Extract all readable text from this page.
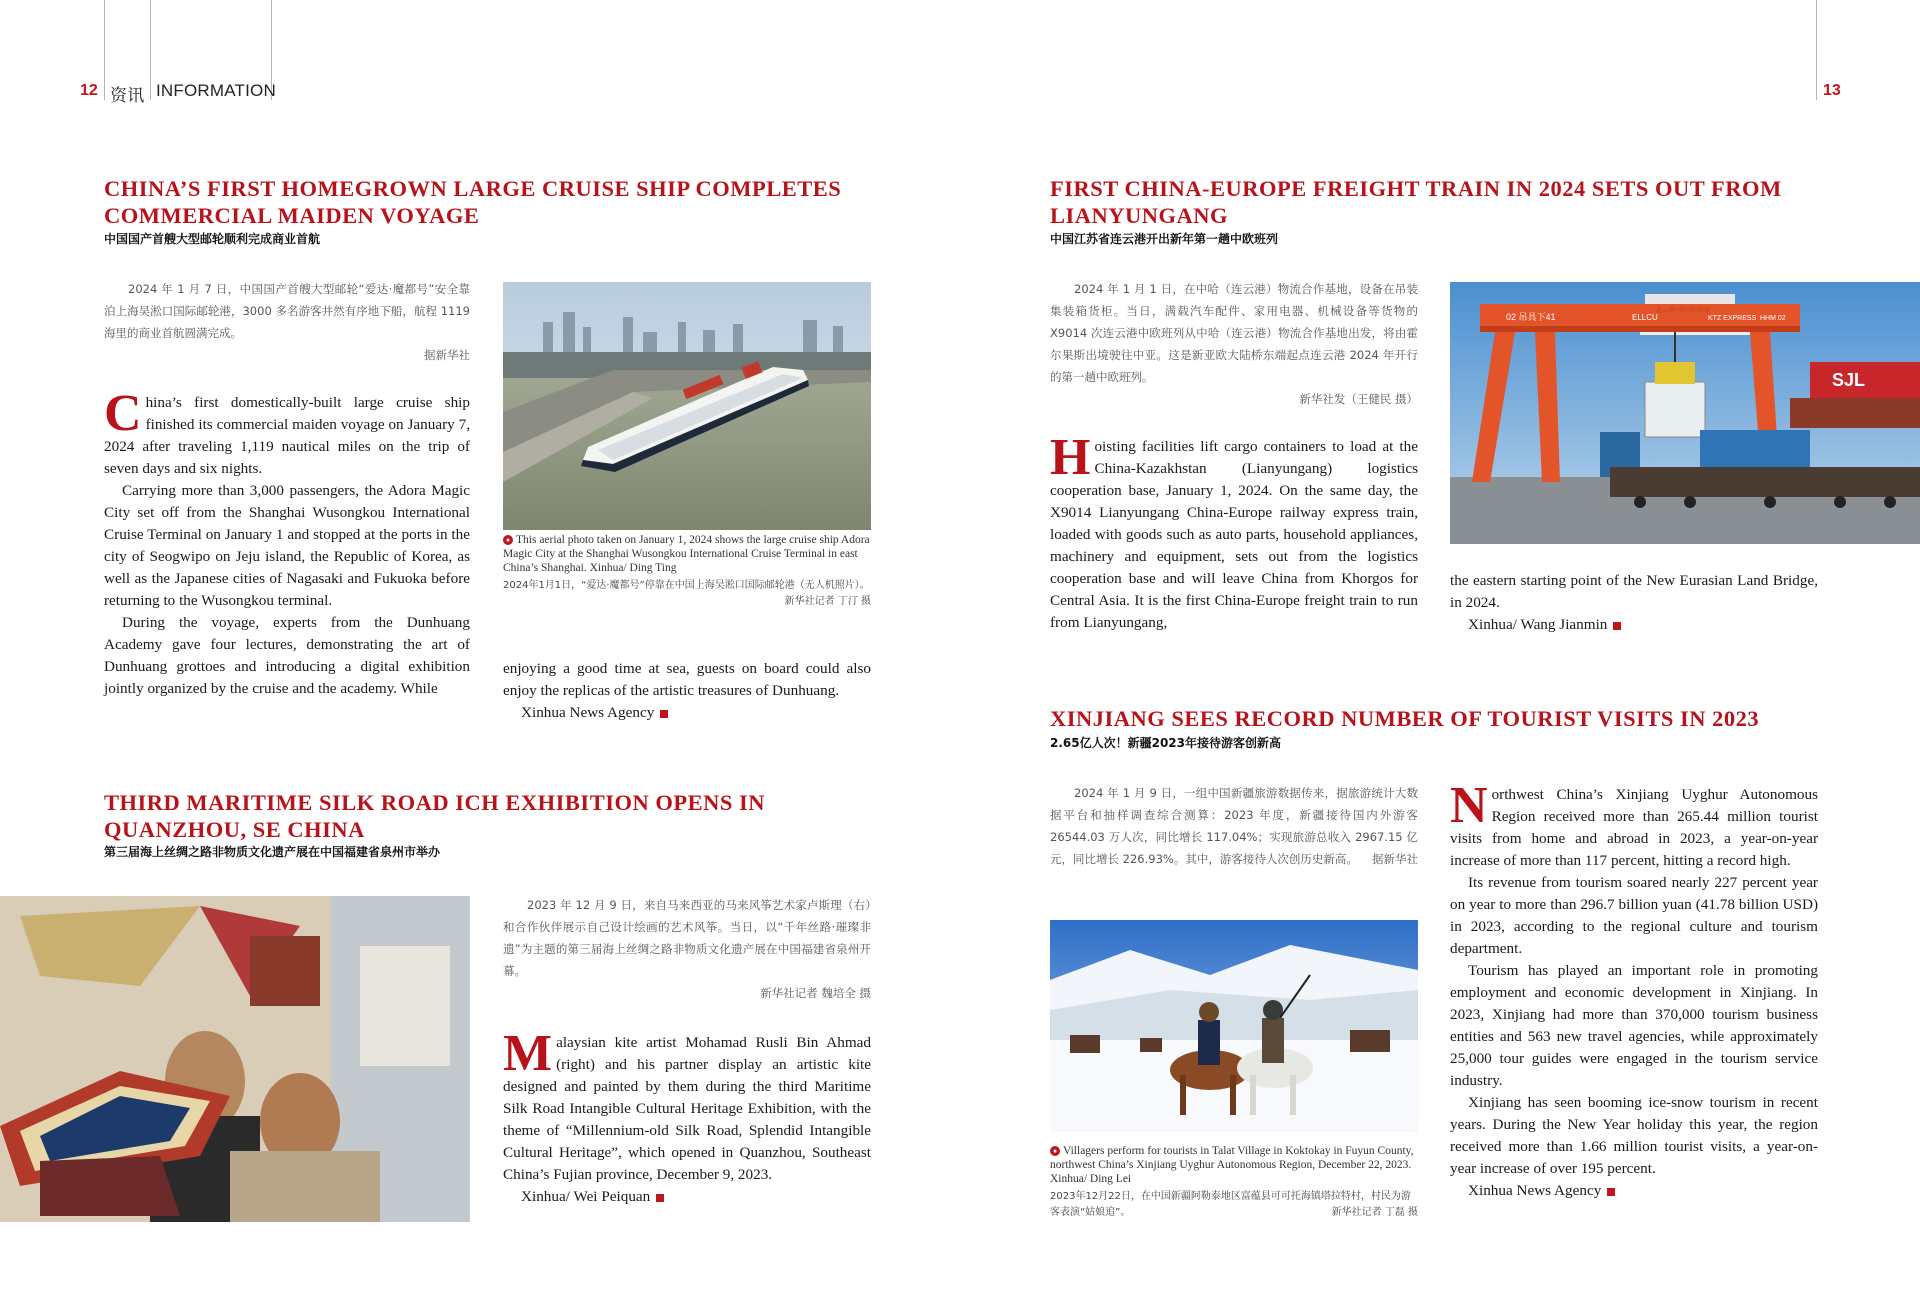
12 资讯 INFORMATION	13
CHINA’S FIRST HOMEGROWN LARGE CRUISE SHIP COMPLETES COMMERCIAL MAIDEN VOYAGE
中国国产首艘大型邮轮顺利完成商业首航
2024 年 1 月 7 日，中国国产首艘大型邮轮“爱达·魔都号”安全靠泊上海吴淞口国际邮轮港，3000 多名游客井然有序地下船，航程 1119 海里的商业首航圆满完成。
据新华社

China’s first domestically-built large cruise ship finished its commercial maiden voyage on January 7, 2024 after traveling 1,119 nautical miles on the trip of seven days and six nights.

Carrying more than 3,000 passengers, the Adora Magic City set off from the Shanghai Wusongkou International Cruise Terminal on January 1 and stopped at the ports in the city of Seogwipo on Jeju island, the Republic of Korea, as well as the Japanese cities of Nagasaki and Fukuoka before returning to the Wusongkou terminal.

During the voyage, experts from the Dunhuang Academy gave four lectures, demonstrating the art of Dunhuang grottoes and introducing a digital exhibition jointly organized by the cruise and the academy. While

● This aerial photo taken on January 1, 2024 shows the large cruise ship Adora Magic City at the Shanghai Wusongkou International Cruise Terminal in east China’s Shanghai. Xinhua/ Ding Ting
2024年1月1日，“爱达·魔都号”停靠在中国上海吴淞口国际邮轮港（无人机照片）。
新华社记者 丁汀 摄

enjoying a good time at sea, guests on board could also enjoy the replicas of the artistic treasures of Dunhuang.

Xinhua News Agency

THIRD MARITIME SILK ROAD ICH EXHIBITION OPENS IN QUANZHOU, SE CHINA
第三届海上丝绸之路非物质文化遗产展在中国福建省泉州市举办
2023 年 12 月 9 日，来自马来西亚的马来风筝艺术家卢斯理（右）和合作伙伴展示自己设计绘画的艺术风筝。当日，以“千年丝路·璀璨非遗”为主题的第三届海上丝绸之路非物质文化遗产展在中国福建省泉州开幕。
新华社记者 魏培全 摄

Malaysian kite artist Mohamad Rusli Bin Ahmad (right) and his partner display an artistic kite designed and painted by them during the third Maritime Silk Road Intangible Cultural Heritage Exhibition, with the theme of “Millennium-old Silk Road, Splendid Intangible Cultural Heritage”, which opened in Quanzhou, Southeast China’s Fujian province, December 9, 2023.

Xinhua/ Wei Peiquan

FIRST CHINA-EUROPE FREIGHT TRAIN IN 2024 SETS OUT FROM LIANYUNGANG
中国江苏省连云港开出新年第一趟中欧班列
2024 年 1 月 1 日，在中哈（连云港）物流合作基地，设备在吊装集装箱货柜。当日，满载汽车配件、家用电器、机械设备等货物的 X9014 次连云港中欧班列从中哈（连云港）物流合作基地出发，将由霍尔果斯出境驶往中亚。这是新亚欧大陆桥东端起点连云港 2024 年开行的第一趟中欧班列。
新华社发（王健民 摄）

Hoisting facilities lift cargo containers to load at the China-Kazakhstan (Lianyungang) logistics cooperation base, January 1, 2024. On the same day, the X9014 Lianyungang China-Europe railway express train, loaded with goods such as auto parts, household appliances, machinery and equipment, sets out from the logistics cooperation base and will leave China from Khorgos for Central Asia. It is the first China-Europe freight train to run from Lianyungang,

02 吊具下41	ELLCU
连云港中哈国际物流
KTZ EXPRESS HHM 02
SJL

the eastern starting point of the New Eurasian Land Bridge, in 2024.

Xinhua/ Wang Jianmin

XINJIANG SEES RECORD NUMBER OF TOURIST VISITS IN 2023
2.65亿人次！新疆2023年接待游客创新高
2024 年 1 月 9 日，一组中国新疆旅游数据传来，据旅游统计大数据平台和抽样调查综合测算：2023 年度，新疆接待国内外游客 26544.03 万人次，同比增长 117.04%；实现旅游总收入 2967.15 亿元，同比增长 226.93%。其中，游客接待人次创历史新高。	据新华社
● Villagers perform for tourists in Talat Village in Koktokay in Fuyun County, northwest China’s Xinjiang Uyghur Autonomous Region, December 22, 2023. Xinhua/ Ding Lei
2023年12月22日，在中国新疆阿勒泰地区富蕴县可可托海镇塔拉特村，村民为游客表演“姑娘追”。	新华社记者 丁磊 摄

Northwest China’s Xinjiang Uyghur Autonomous Region received more than 265.44 million tourist visits from home and abroad in 2023, a year-on-year increase of more than 117 percent, hitting a record high.

Its revenue from tourism soared nearly 227 percent year on year to more than 296.7 billion yuan (41.78 billion USD) in 2023, according to the regional culture and tourism department.

Tourism has played an important role in promoting employment and economic development in Xinjiang. In 2023, Xinjiang had more than 370,000 tourism business entities and 563 new travel agencies, while approximately 25,000 tour guides were engaged in the tourism service industry.

Xinjiang has seen booming ice-snow tourism in recent years. During the New Year holiday this year, the region received more than 1.66 million tourist visits, a year-on-year increase of over 195 percent.

Xinhua News Agency
